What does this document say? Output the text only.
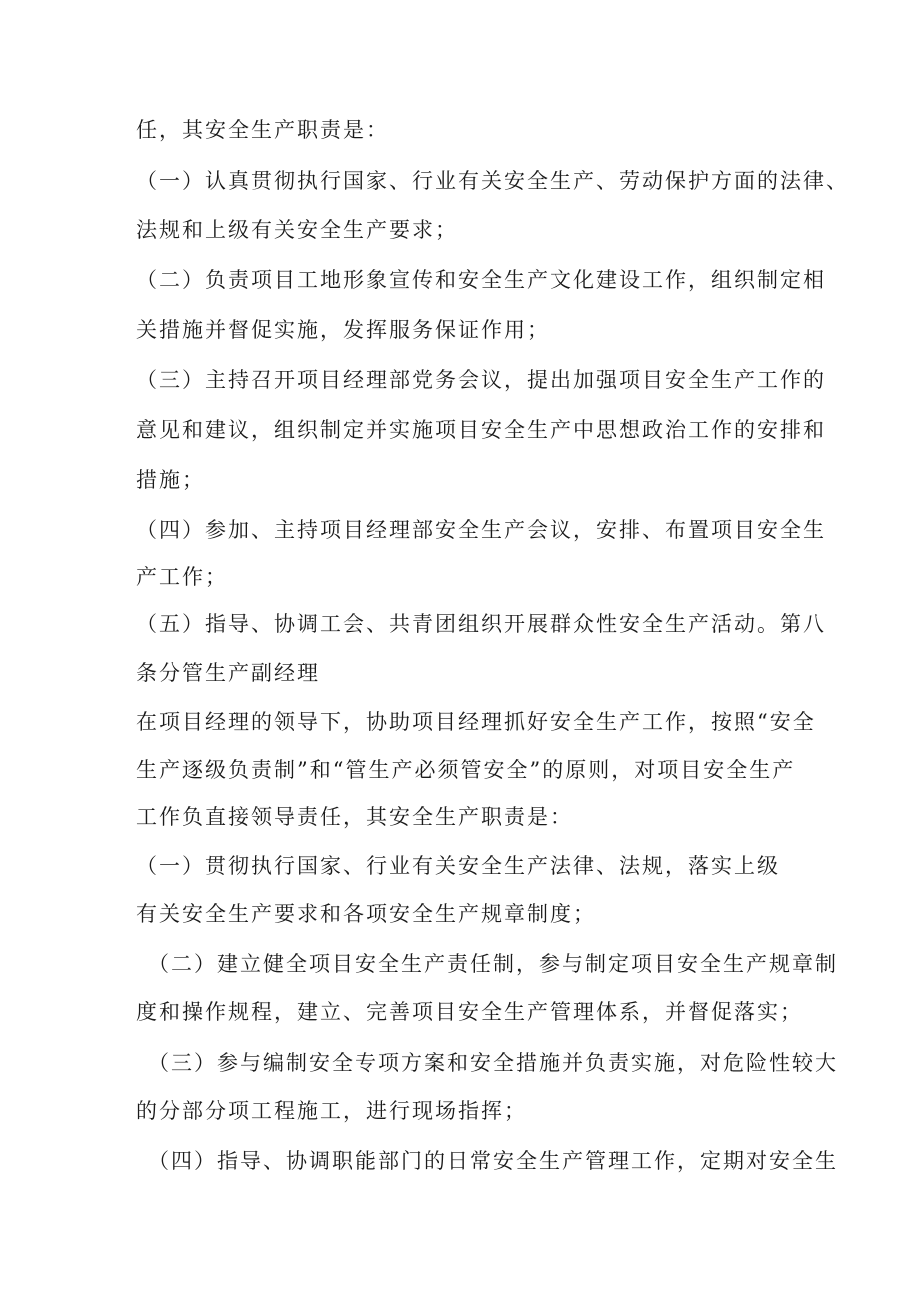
任，其安全生产职责是：
（一）认真贯彻执行国家、行业有关安全生产、劳动保护方面的法律、
法规和上级有关安全生产要求；
（二）负责项目工地形象宣传和安全生产文化建设工作，组织制定相
关措施并督促实施，发挥服务保证作用；
（三）主持召开项目经理部党务会议，提出加强项目安全生产工作的
意见和建议，组织制定并实施项目安全生产中思想政治工作的安排和
措施；
（四）参加、主持项目经理部安全生产会议，安排、布置项目安全生
产工作；
（五）指导、协调工会、共青团组织开展群众性安全生产活动。第八
条分管生产副经理
在项目经理的领导下，协助项目经理抓好安全生产工作，按照“安全
生产逐级负责制”和“管生产必须管安全”的原则，对项目安全生产
工作负直接领导责任，其安全生产职责是：
（一）贯彻执行国家、行业有关安全生产法律、法规，落实上级
有关安全生产要求和各项安全生产规章制度；
（二）建立健全项目安全生产责任制，参与制定项目安全生产规章制
度和操作规程，建立、完善项目安全生产管理体系，并督促落实；
（三）参与编制安全专项方案和安全措施并负责实施，对危险性较大
的分部分项工程施工，进行现场指挥；
（四）指导、协调职能部门的日常安全生产管理工作，定期对安全生
